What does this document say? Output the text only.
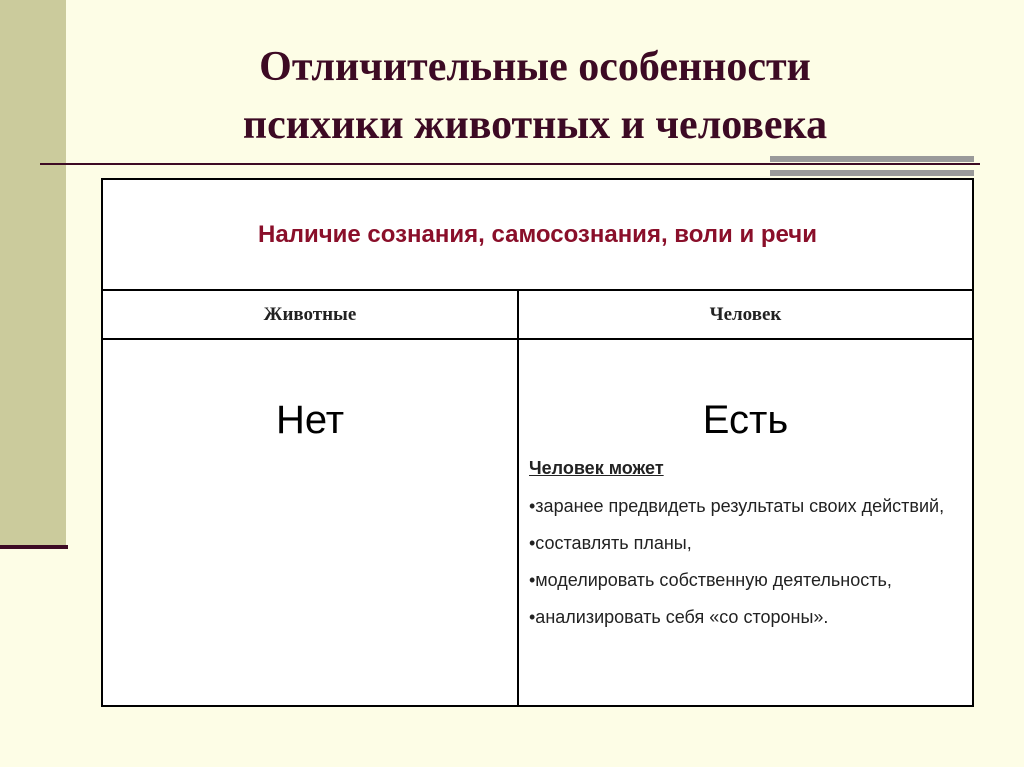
Отличительные особенности
психики животных и человека
Наличие сознания, самосознания, воли и речи
Животные	Человек
Нет	Есть
Человек может
•заранее предвидеть результаты своих действий,
•составлять планы,
•моделировать собственную деятельность,
•анализировать себя «со стороны».
